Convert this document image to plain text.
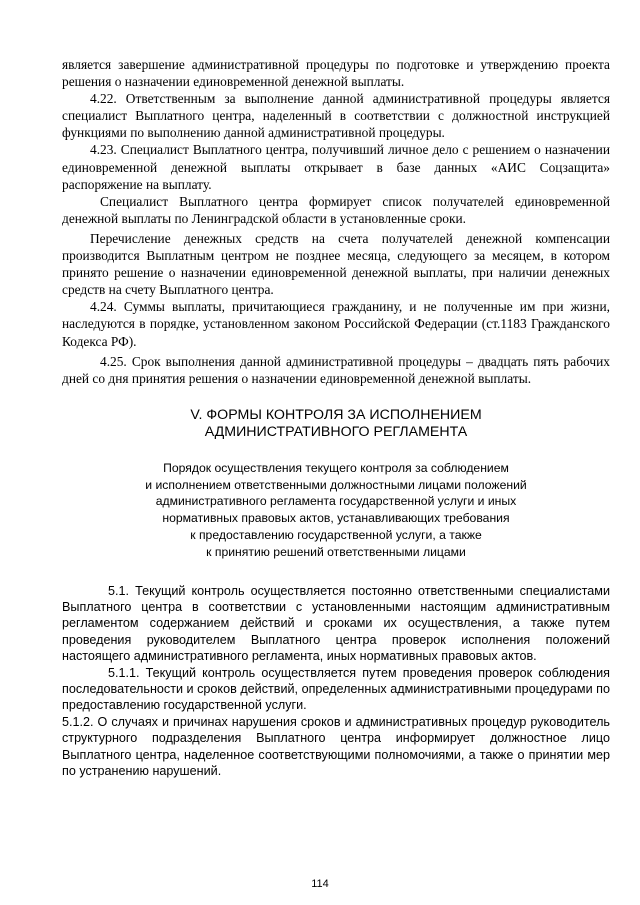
является завершение административной процедуры по подготовке и утверждению проекта решения о назначении единовременной денежной выплаты.

4.22. Ответственным за выполнение данной административной процедуры является специалист Выплатного центра, наделенный в соответствии с должностной инструкцией функциями по выполнению данной административной процедуры.

4.23. Специалист Выплатного центра, получивший личное дело с решением о назначении единовременной денежной выплаты открывает в базе данных «АИС Соцзащита» распоряжение на выплату.

Специалист Выплатного центра формирует список получателей единовременной денежной выплаты по Ленинградской области в установленные сроки.

Перечисление денежных средств на счета получателей денежной компенсации производится Выплатным центром не позднее месяца, следующего за месяцем, в котором принято решение о назначении единовременной денежной выплаты, при наличии денежных средств на счету Выплатного центра.

4.24. Суммы выплаты, причитающиеся гражданину, и не полученные им при жизни, наследуются в порядке, установленном законом Российской Федерации (ст.1183 Гражданского Кодекса РФ).

4.25. Срок выполнения данной административной процедуры – двадцать пять рабочих дней со дня принятия решения о назначении единовременной денежной выплаты.

V. ФОРМЫ КОНТРОЛЯ ЗА ИСПОЛНЕНИЕМ
АДМИНИСТРАТИВНОГО РЕГЛАМЕНТА
Порядок осуществления текущего контроля за соблюдением
и исполнением ответственными должностными лицами положений
административного регламента государственной услуги и иных
нормативных правовых актов, устанавливающих требования
к предоставлению государственной услуги, а также
к принятию решений ответственными лицами

5.1. Текущий контроль осуществляется постоянно ответственными специалистами Выплатного центра в соответствии с установленными настоящим административным регламентом содержанием действий и сроками их осуществления, а также путем проведения руководителем Выплатного центра проверок исполнения положений настоящего административного регламента, иных нормативных правовых актов.

5.1.1. Текущий контроль осуществляется путем проведения проверок соблюдения последовательности и сроков действий, определенных административными процедурами по предоставлению государственной услуги.

5.1.2. О случаях и причинах нарушения сроков и административных процедур руководитель структурного подразделения Выплатного центра информирует должностное лицо Выплатного центра, наделенное соответствующими полномочиями, а также о принятии мер по устранению нарушений.

114
